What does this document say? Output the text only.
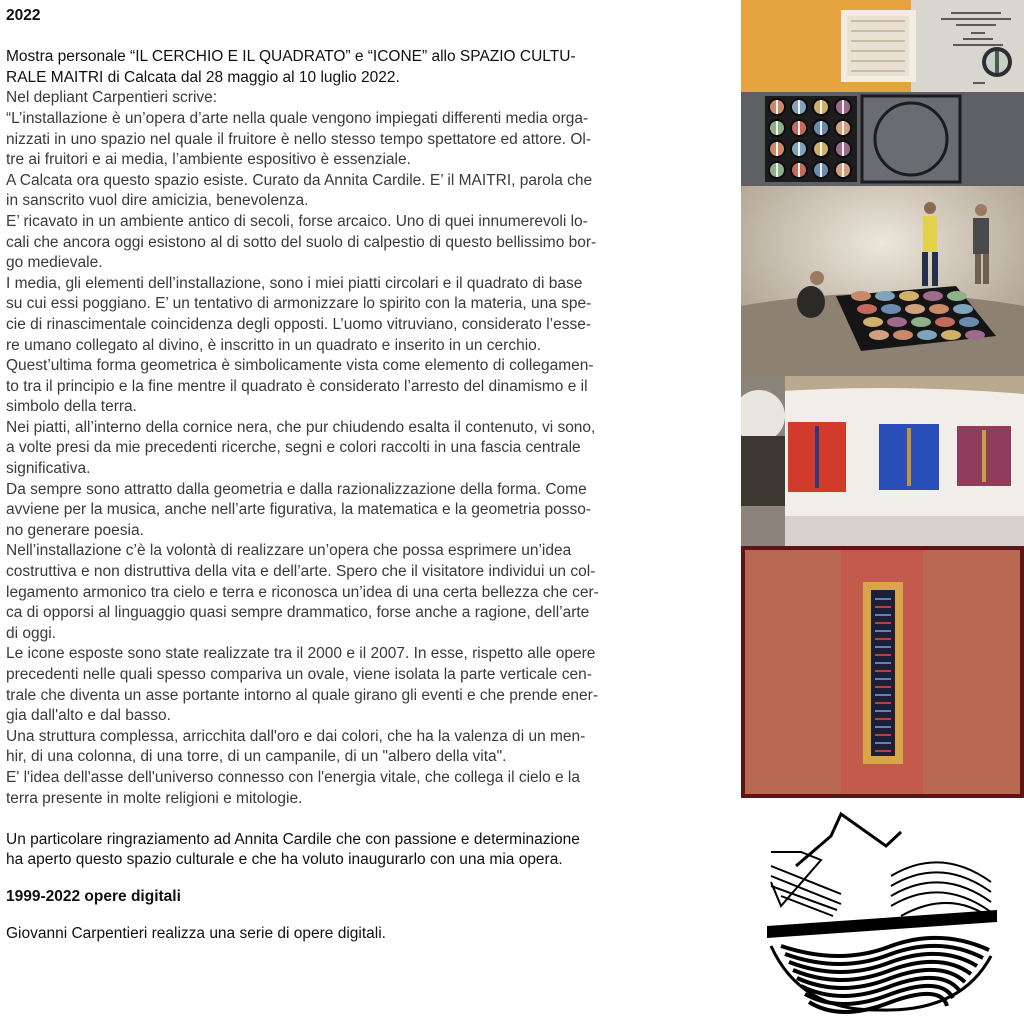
2022

Mostra personale “IL CERCHIO E IL QUADRATO” e “ICONE” allo SPAZIO CULTU-

RALE MAITRI di Calcata dal 28 maggio al 10 luglio 2022.

Nel depliant Carpentieri scrive:

“L’installazione è un’opera d’arte nella quale vengono impiegati differenti media orga-

nizzati in uno spazio nel quale il fruitore è nello stesso tempo spettatore ed attore. Ol-

tre ai fruitori e ai media, l’ambiente espositivo è essenziale.

A Calcata ora questo spazio esiste. Curato da Annita Cardile. E’ il MAITRI, parola che

in sanscrito vuol dire amicizia, benevolenza.

E’ ricavato in un ambiente antico di secoli, forse arcaico. Uno di quei innumerevoli lo-

cali che ancora oggi esistono al di sotto del suolo di calpestio di questo bellissimo bor-

go medievale.

I media, gli elementi dell’installazione, sono i miei piatti circolari e il quadrato di base

su cui essi poggiano. E’ un tentativo di armonizzare lo spirito con la materia, una spe-

cie di rinascimentale coincidenza degli opposti. L’uomo vitruviano, considerato l’esse-

re umano collegato al divino, è inscritto in un quadrato e inserito in un cerchio.

Quest’ultima forma geometrica è simbolicamente vista come elemento di collegamen-

to tra il principio e la fine mentre il quadrato è considerato l’arresto del dinamismo e il

simbolo della terra.

Nei piatti, all’interno della cornice nera, che pur chiudendo esalta il contenuto, vi sono,

a volte presi da mie precedenti ricerche, segni e colori raccolti in una fascia centrale

significativa.

Da sempre sono attratto dalla geometria e dalla razionalizzazione della forma. Come

avviene per la musica, anche nell’arte figurativa, la matematica e la geometria posso-

no generare poesia.

Nell’installazione c’è la volontà di realizzare un’opera che possa esprimere un’idea

costruttiva e non distruttiva della vita e dell’arte. Spero che il visitatore individui un col-

legamento armonico tra cielo e terra e riconosca un’idea di una certa bellezza che cer-

ca di opporsi al linguaggio quasi sempre drammatico, forse anche a ragione, dell’arte

di oggi.

Le icone esposte sono state realizzate tra il 2000 e il 2007. In esse, rispetto alle opere

precedenti nelle quali spesso compariva un ovale, viene isolata la parte verticale cen-

trale che diventa un asse portante intorno al quale girano gli eventi e che prende ener-

gia dall'alto e dal basso.

Una struttura complessa, arricchita dall'oro e dai colori, che ha la valenza di un men-

hir, di una colonna, di una torre, di un campanile, di un "albero della vita".

E' l'idea dell'asse dell'universo connesso con l'energia vitale, che collega il cielo e la

terra presente in molte religioni e mitologie.

Un particolare ringraziamento ad Annita Cardile che con passione e determinazione

ha aperto questo spazio culturale e che ha voluto inaugurarlo con una mia opera.

1999-2022 opere digitali

Giovanni Carpentieri realizza una serie di opere digitali.
